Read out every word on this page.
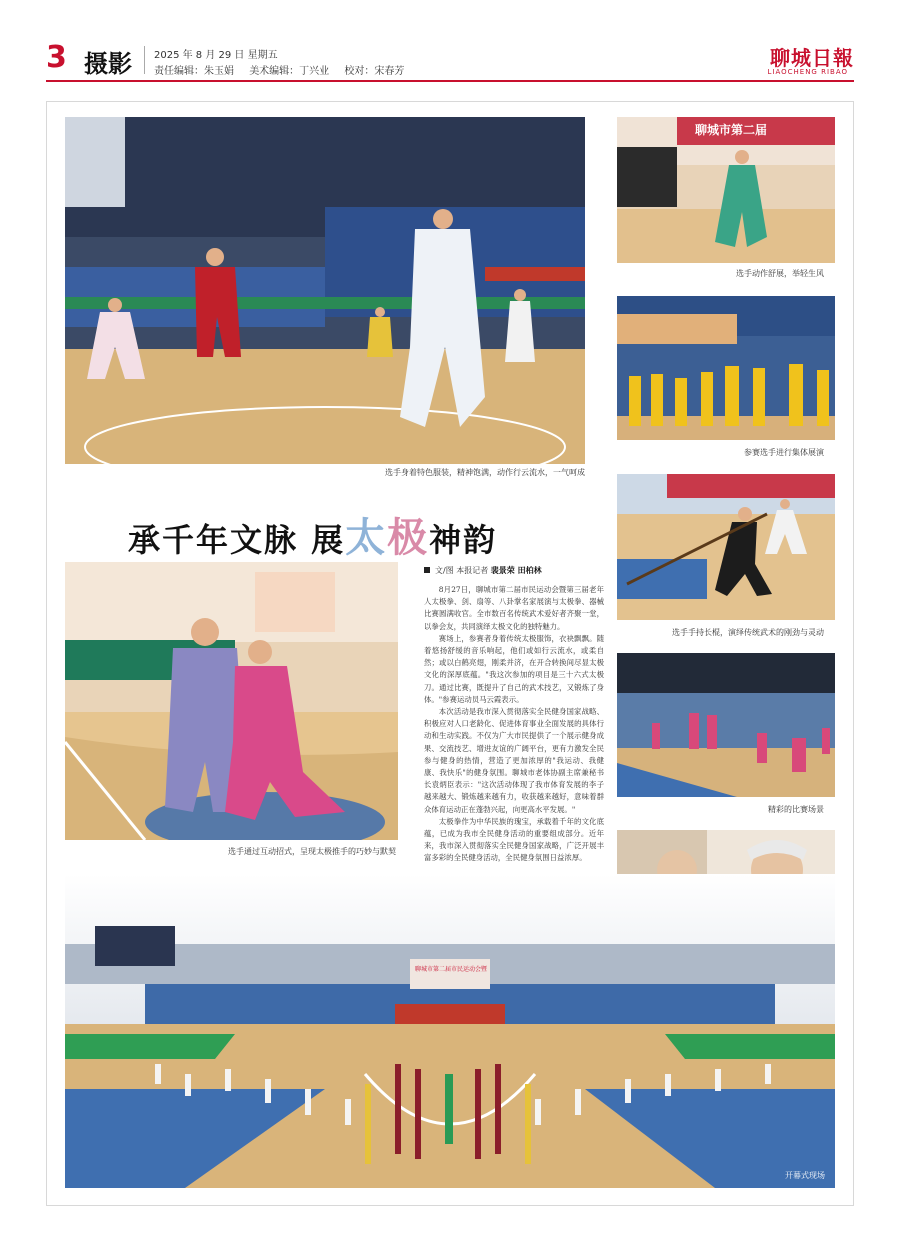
3 摄影 2025 年 8 月 29 日 星期五
责任编辑：朱玉娟 美术编辑：丁兴业 校对：宋春芳
聊城日報
LIAOCHENG RIBAO
选手身着特色服装，精神饱满，动作行云流水，一气呵成
聊城市第二届
选手动作舒展，举轻生风
参赛选手进行集体展演
选手手持长棍，演绎传统武术的刚劲与灵动
精彩的比赛场景
承千年文脉 展太极神韵
选手通过互动招式，呈现太极推手的巧妙与默契
文/图 本报记者 裴景荣 田柏林

8月27日，聊城市第二届市民运动会暨第三届老年人太极拳、剑、扇等、八卦掌名家展演与太极拳、器械比赛圆满收官。全市数百名传统武术爱好者齐聚一堂，以拳会友，共同演绎太极文化的独特魅力。

赛场上，参赛者身着传统太极服饰，衣袂飘飘。随着悠扬舒缓的音乐响起，他们或如行云流水，或柔自然；或以白鹤亮翅，刚柔并济，在开合转换间尽显太极文化的深厚底蕴。"我这次参加的项目是三十六式太极刀。通过比赛，既提升了自己的武术技艺，又锻炼了身体。"参赛运动员马云霞表示。

本次活动是我市深入贯彻落实全民健身国家战略、积极应对人口老龄化、促进体育事业全面发展的具体行动和生动实践。不仅为广大市民提供了一个展示健身成果、交流技艺、增进友谊的广阔平台，更有力激发全民参与健身的热情，营造了更加浓厚的"我运动、我健康、我快乐"的健身氛围。聊城市老体协副主席兼秘书长袁炳臣表示："这次活动体现了我市体育发展的李子越来越大、锻炼越来越有力，收获越来越好，意味着群众体育运动正在蓬勃兴起，向更高水平发展。"

太极拳作为中华民族的瑰宝，承载着千年的文化底蕴，已成为我市全民健身活动的重要组成部分。近年来，我市深入贯彻落实全民健身国家战略，广泛开展丰富多彩的全民健身活动，全民健身氛围日益浓厚。

聊城市第二届市民运动会暨
开幕式现场
